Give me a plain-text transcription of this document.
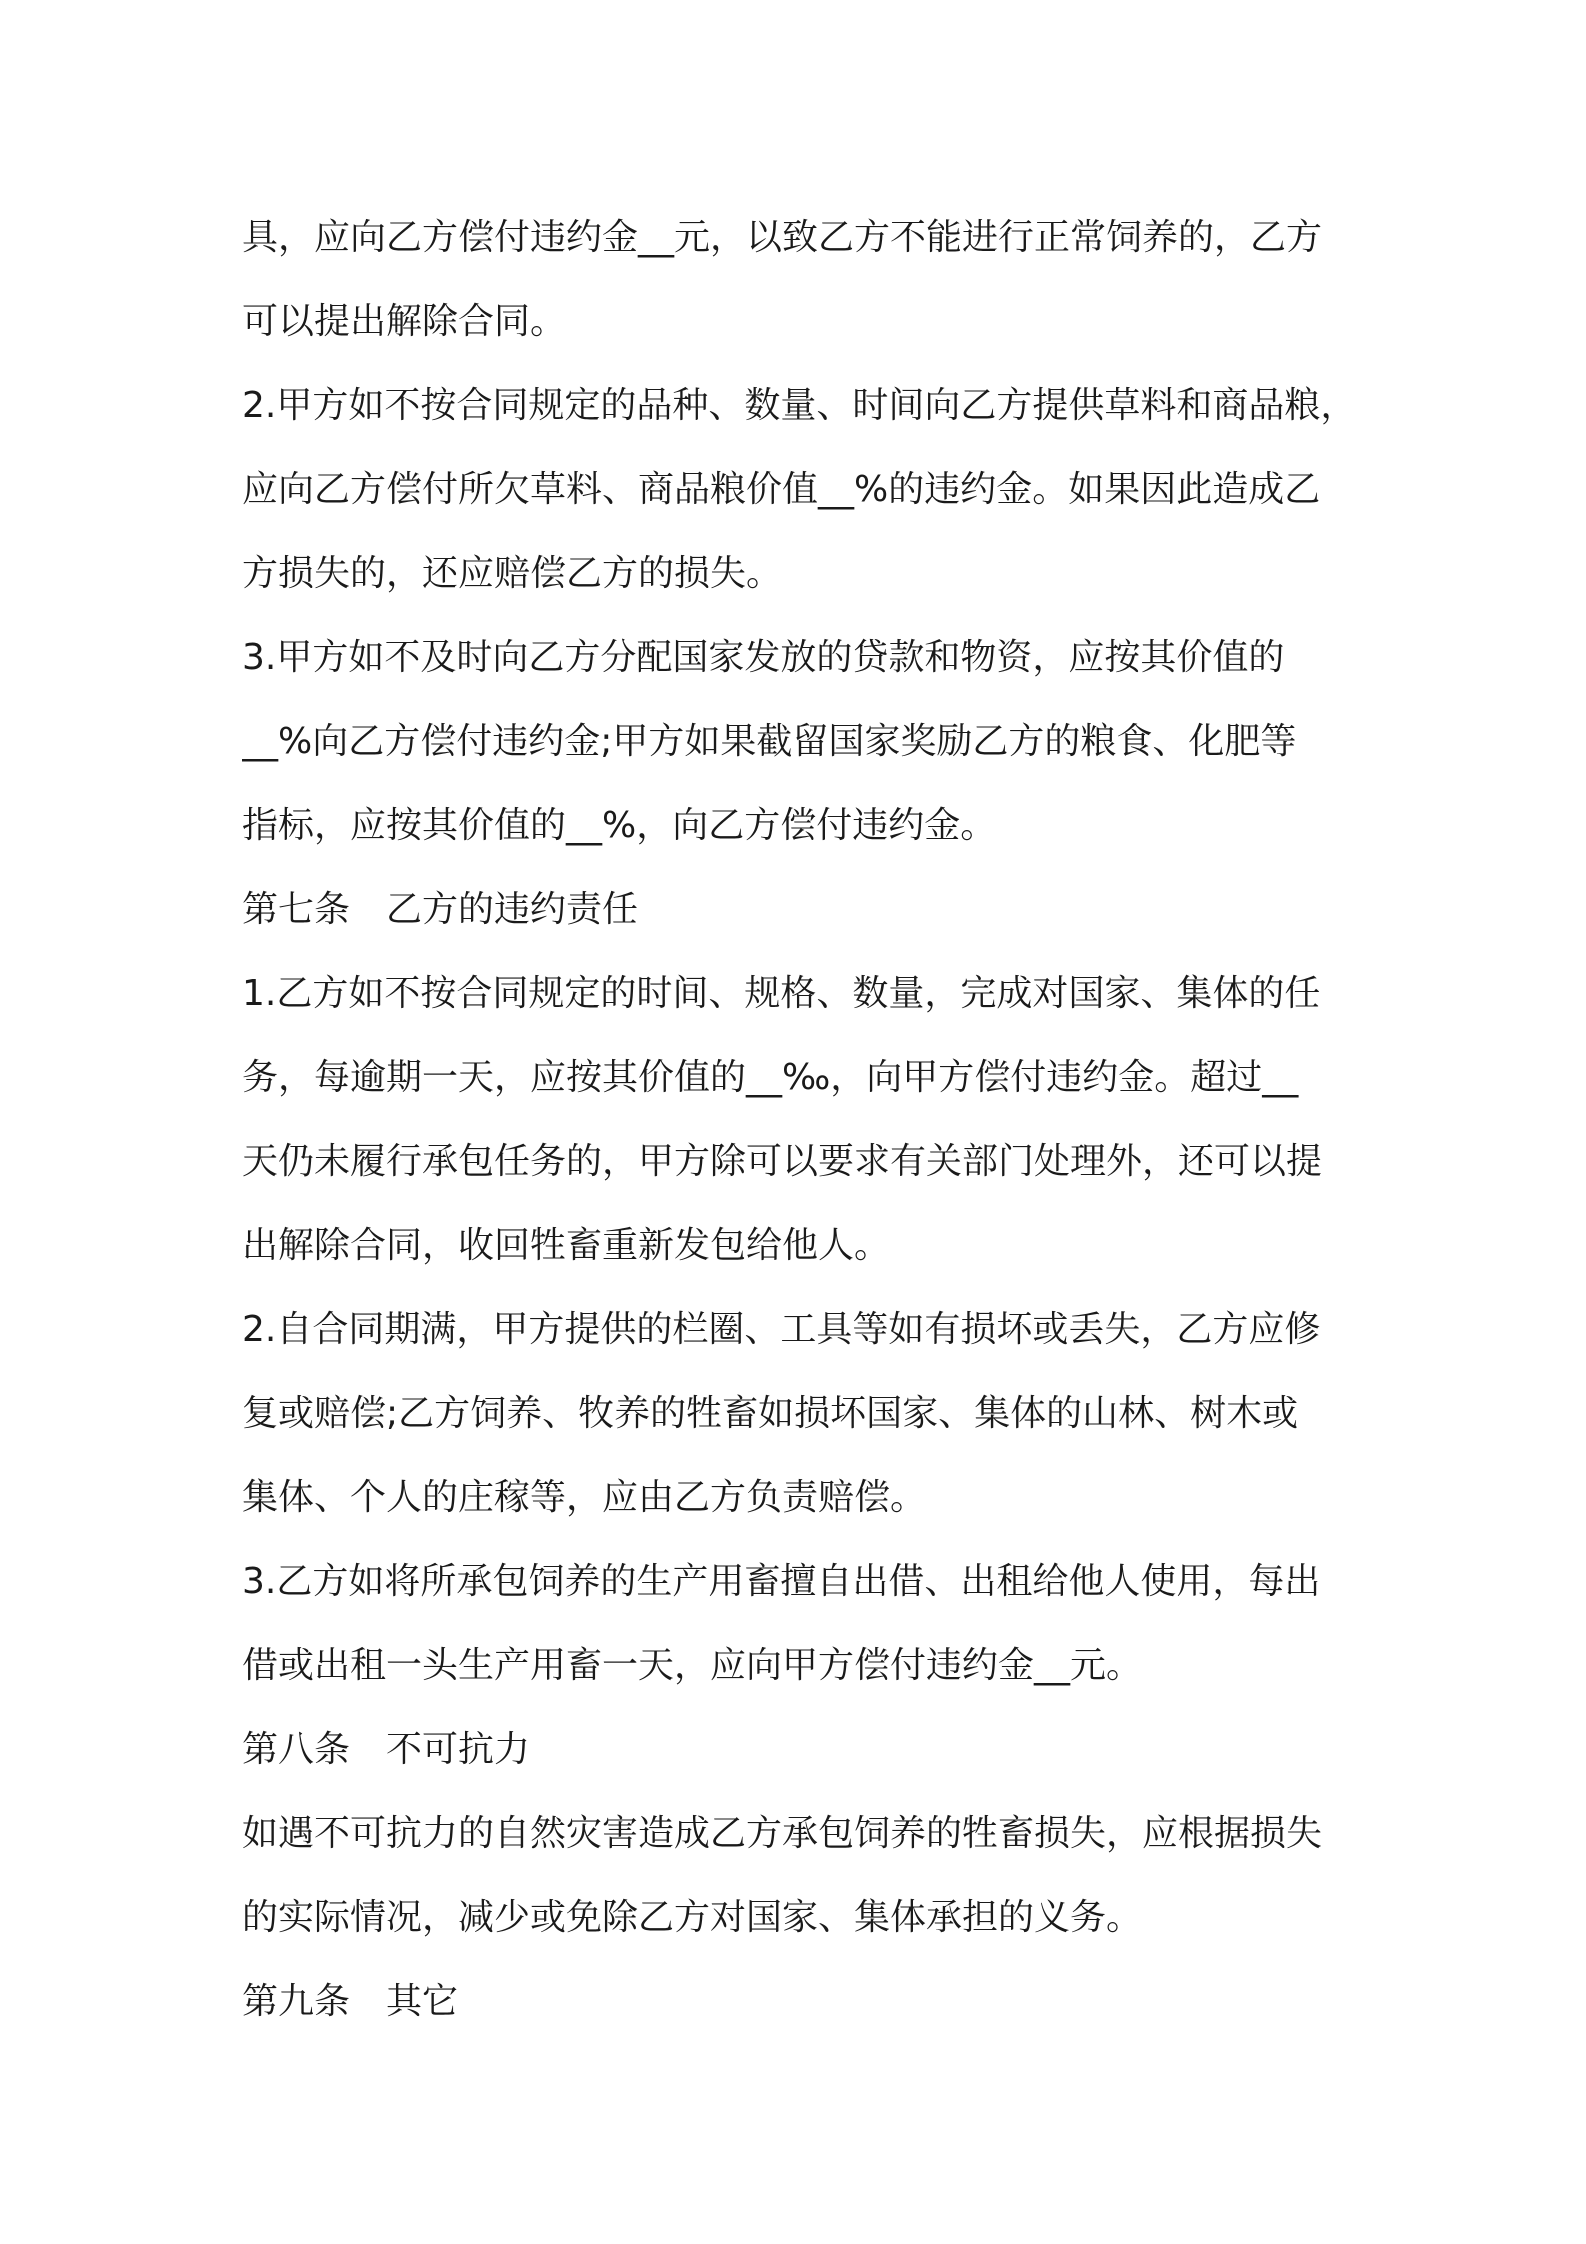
具，应向乙方偿付违约金__元，以致乙方不能进行正常饲养的，乙方
可以提出解除合同。
2.甲方如不按合同规定的品种、数量、时间向乙方提供草料和商品粮，
应向乙方偿付所欠草料、商品粮价值__%的违约金。如果因此造成乙
方损失的，还应赔偿乙方的损失。
3.甲方如不及时向乙方分配国家发放的贷款和物资，应按其价值的
__%向乙方偿付违约金;甲方如果截留国家奖励乙方的粮食、化肥等
指标，应按其价值的__%，向乙方偿付违约金。
第七条 乙方的违约责任
1.乙方如不按合同规定的时间、规格、数量，完成对国家、集体的任
务，每逾期一天，应按其价值的__‰，向甲方偿付违约金。超过__
天仍未履行承包任务的，甲方除可以要求有关部门处理外，还可以提
出解除合同，收回牲畜重新发包给他人。
2.自合同期满，甲方提供的栏圈、工具等如有损坏或丢失，乙方应修
复或赔偿;乙方饲养、牧养的牲畜如损坏国家、集体的山林、树木或
集体、个人的庄稼等，应由乙方负责赔偿。
3.乙方如将所承包饲养的生产用畜擅自出借、出租给他人使用，每出
借或出租一头生产用畜一天，应向甲方偿付违约金__元。
第八条 不可抗力
如遇不可抗力的自然灾害造成乙方承包饲养的牲畜损失，应根据损失
的实际情况，减少或免除乙方对国家、集体承担的义务。
第九条 其它
